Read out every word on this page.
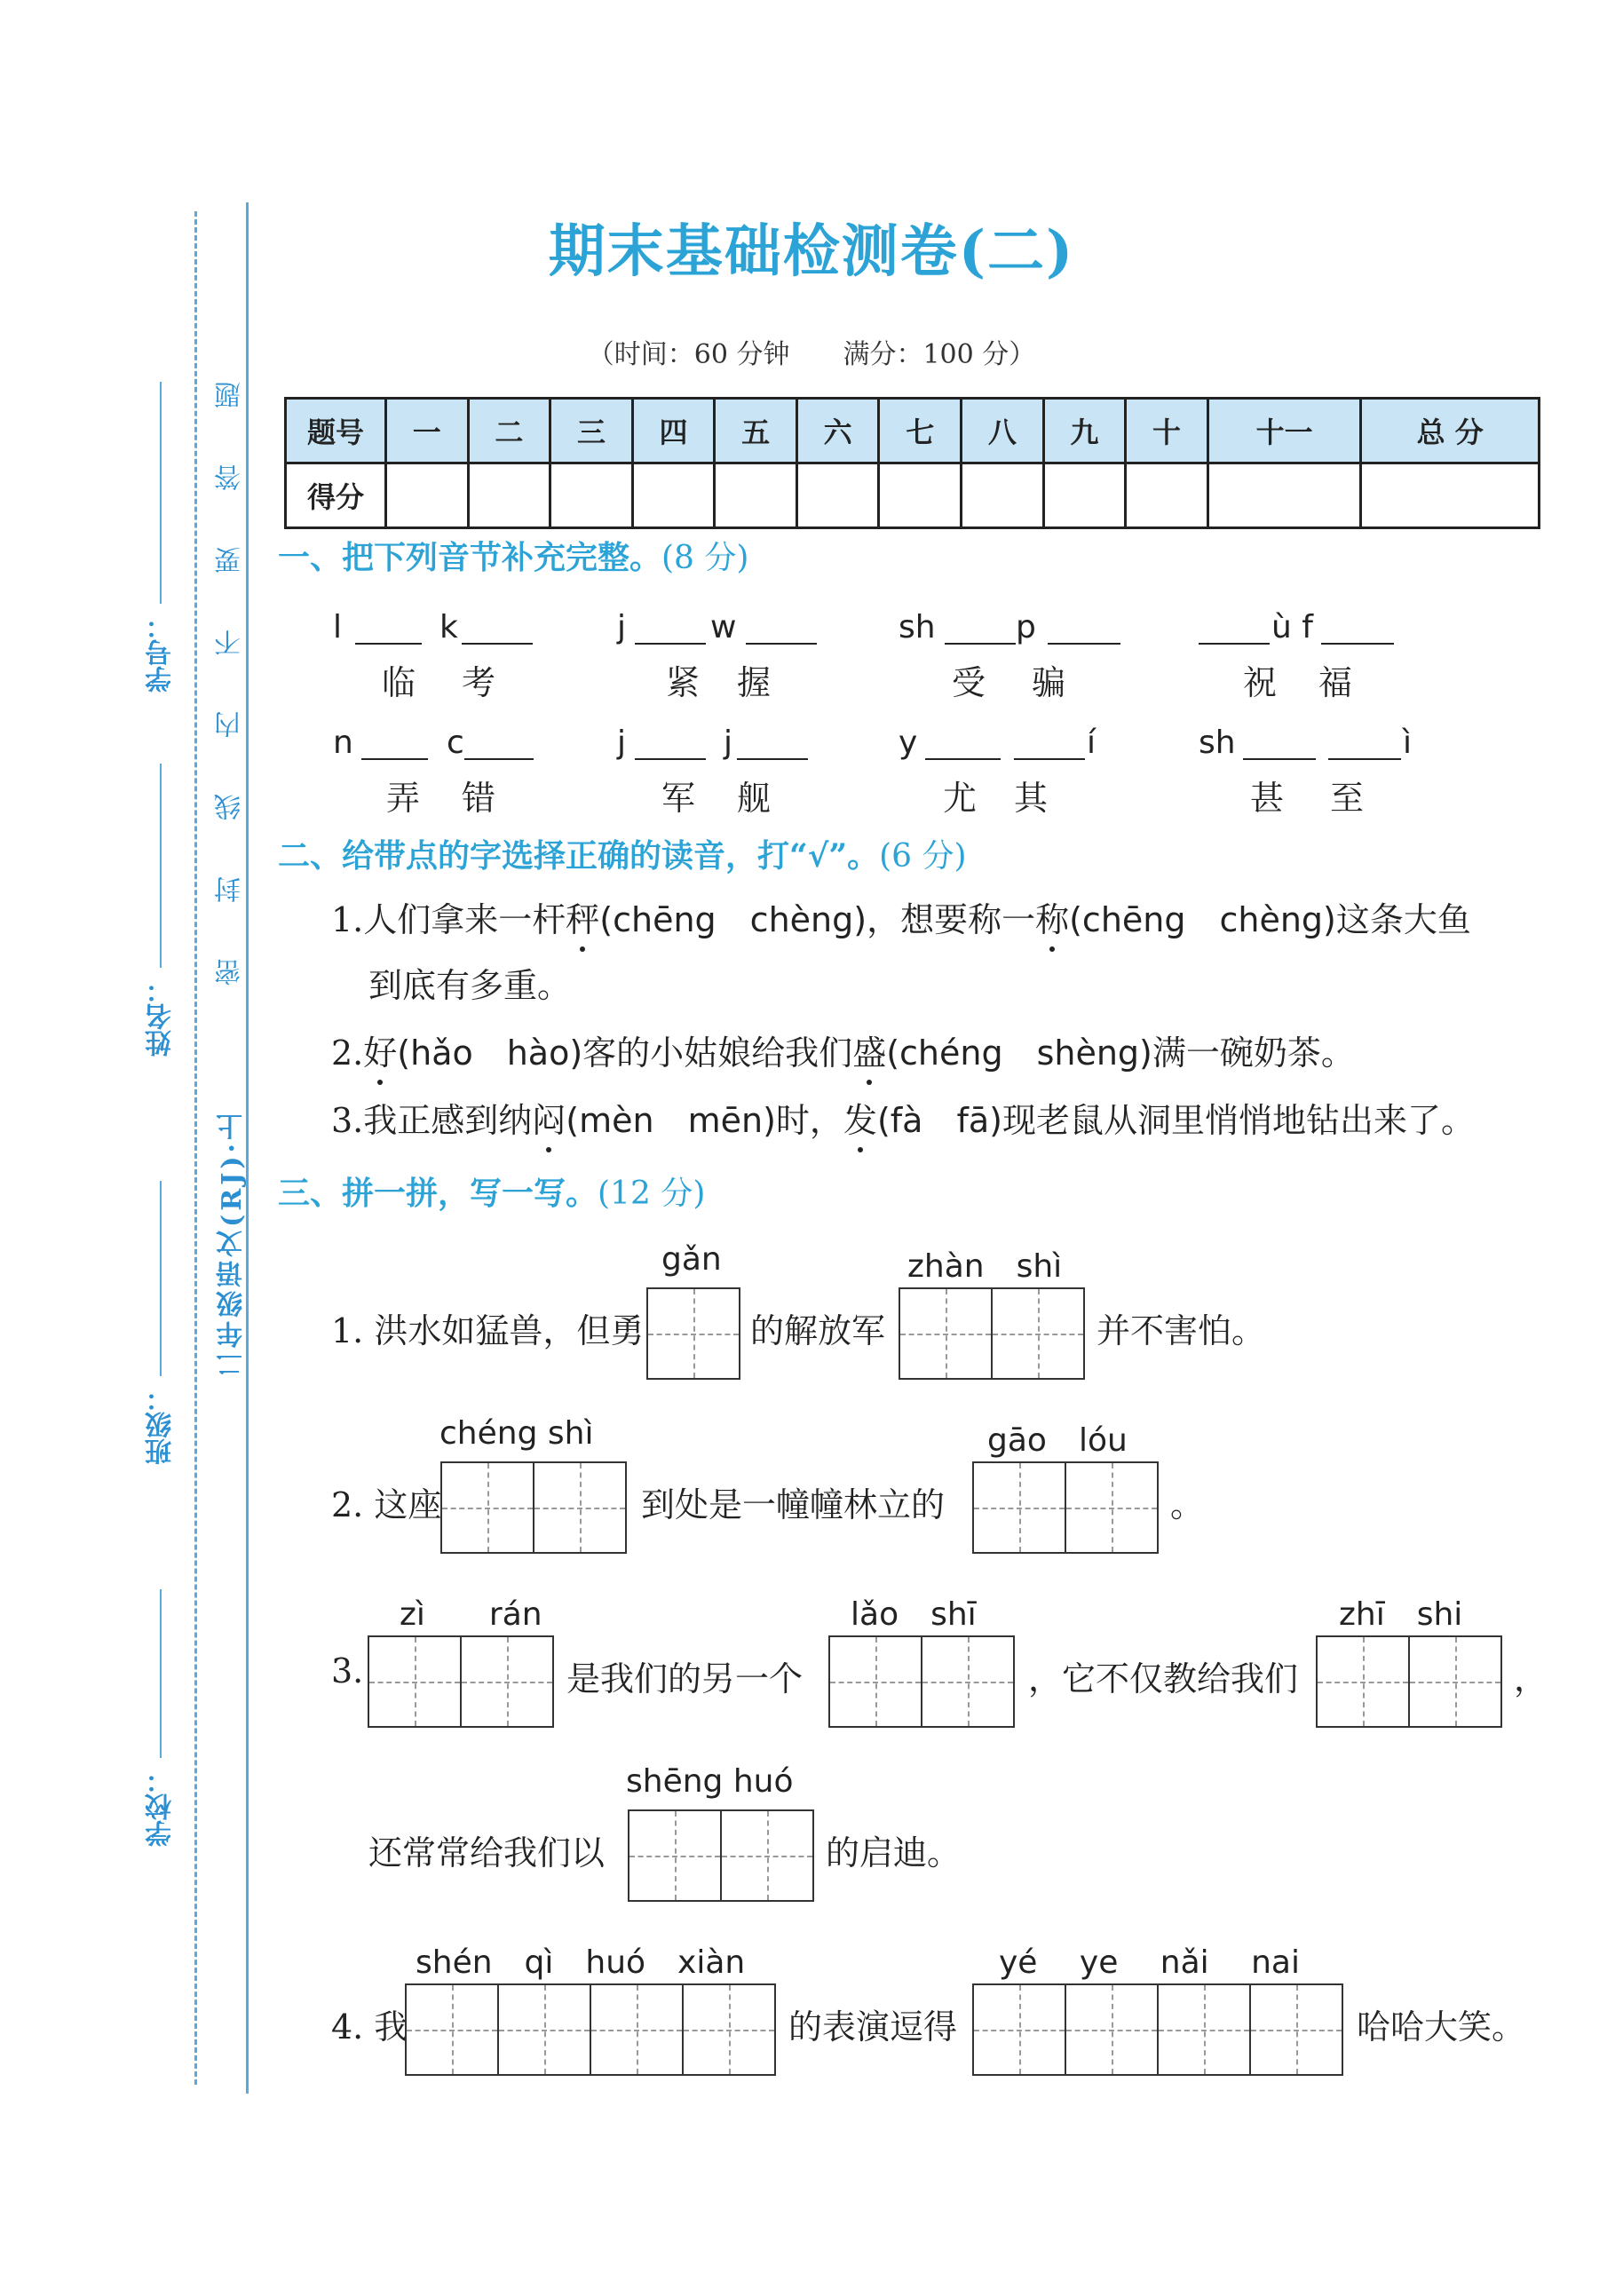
学校：
班级：
姓名：
学号：
密
封
线
内
不
要
答
题
二年级语文(RJ)·上
期末基础检测卷(二)
（时间：60 分钟　　满分：100 分）
题号	一	二	三	四	五	六	七	八	九	十	十一	总 分
得分												
一、把下列音节补充完整。(8 分)
l	k
临 考
j	w
紧 握
sh	p
受 骗
ù f
祝 福
n	c
弄 错
j	j
军 舰
y	í
尤 其
sh	ì
甚 至
二、给带点的字选择正确的读音，打“√”。(6 分)
1.人们拿来一杆秤(chēng　chèng)，想要称一称(chēng　chèng)这条大鱼
到底有多重。
2.好(hǎo　hào)客的小姑娘给我们盛(chéng　shèng)满一碗奶茶。
3.我正感到纳闷(mèn　mēn)时，发(fà　fā)现老鼠从洞里悄悄地钻出来了。
三、拼一拼，写一写。(12 分)
1. 洪水如猛兽，但勇
gǎn
的解放军
zhàn　shì
并不害怕。
2. 这座
chéng shì
到处是一幢幢林立的
gāo　lóu
。
3.
zì　　rán
是我们的另一个
lǎo　shī
，它不仅教给我们
zhī　shi
，
还常常给我们以
shēng huó
的启迪。
4. 我
shén　qì　huó　xiàn
的表演逗得
yé　 ye　 nǎi　 nai
哈哈大笑。
